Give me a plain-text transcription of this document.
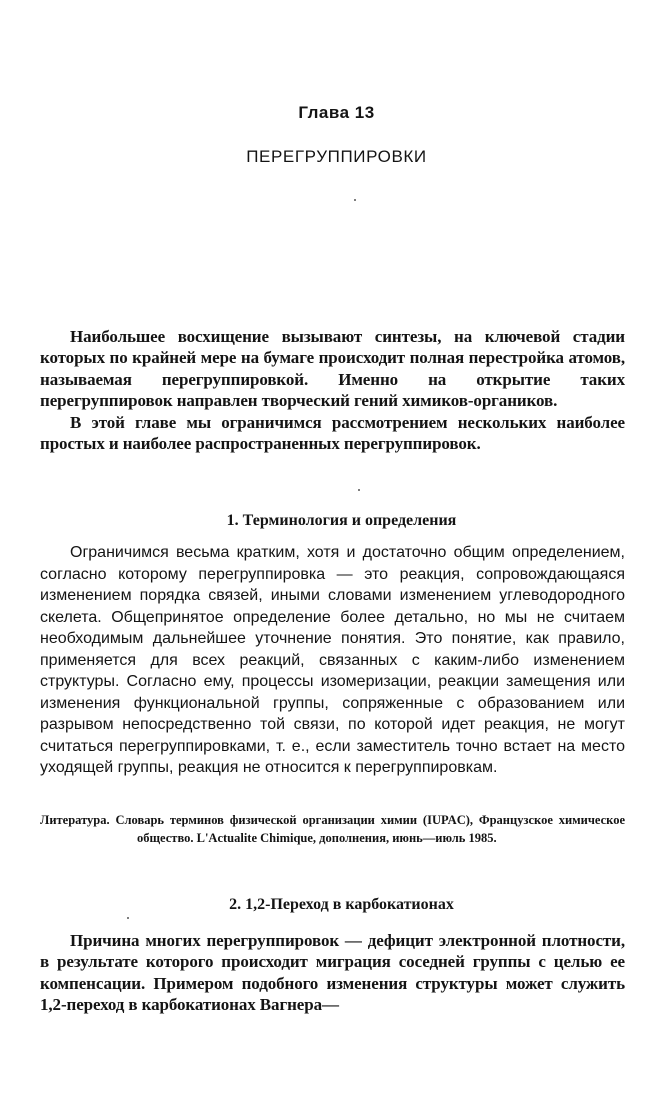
Глава 13
ПЕРЕГРУППИРОВКИ

Наибольшее восхищение вызывают синтезы, на ключевой стадии которых по крайней мере на бумаге происходит полная перестройка атомов, называемая перегруппировкой. Именно на открытие таких перегруппировок направлен творческий гений химиков-органиков.

В этой главе мы ограничимся рассмотрением нескольких наиболее простых и наиболее распространенных перегруппировок.

1. Терминология и определения

Ограничимся весьма кратким, хотя и достаточно общим определением, согласно которому перегруппировка — это реакция, сопровождающаяся изменением порядка связей, иными словами изменением углеводородного скелета. Общепринятое определение более детально, но мы не считаем необходимым дальнейшее уточнение понятия. Это понятие, как правило, применяется для всех реакций, связанных с каким-либо изменением структуры. Согласно ему, процессы изомеризации, реакции замещения или изменения функциональной группы, сопряженные с образованием или разрывом непосредственно той связи, по которой идет реакция, не могут считаться перегруппировками, т. е., если заместитель точно встает на место уходящей группы, реакция не относится к перегруппировкам.

Литература. Словарь терминов физической организации химии (IUPAC), Французское химическое общество. L'Actualite Chimique, дополнения, июнь—июль 1985.
2. 1,2-Переход в карбокатионах

Причина многих перегруппировок — дефицит электронной плотности, в результате которого происходит миграция соседней группы с целью ее компенсации. Примером подобного изменения структуры может служить 1,2-переход в карбокатионах Вагнера—
